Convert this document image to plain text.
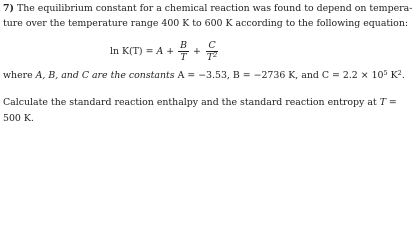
7) The equilibrium constant for a chemical reaction was found to depend on tempera-
ture over the temperature range 400 K to 600 K according to the following equation:
$\ln K(T) = A + \frac{B}{T} + \frac{C}{T^2}$
where A, B, and C are the constants A = −3.53, B = −2736 K, and $C = 2.2 \times 10^5$ $K^2$.
Calculate the standard reaction enthalpy and the standard reaction entropy at T =
500 K.
